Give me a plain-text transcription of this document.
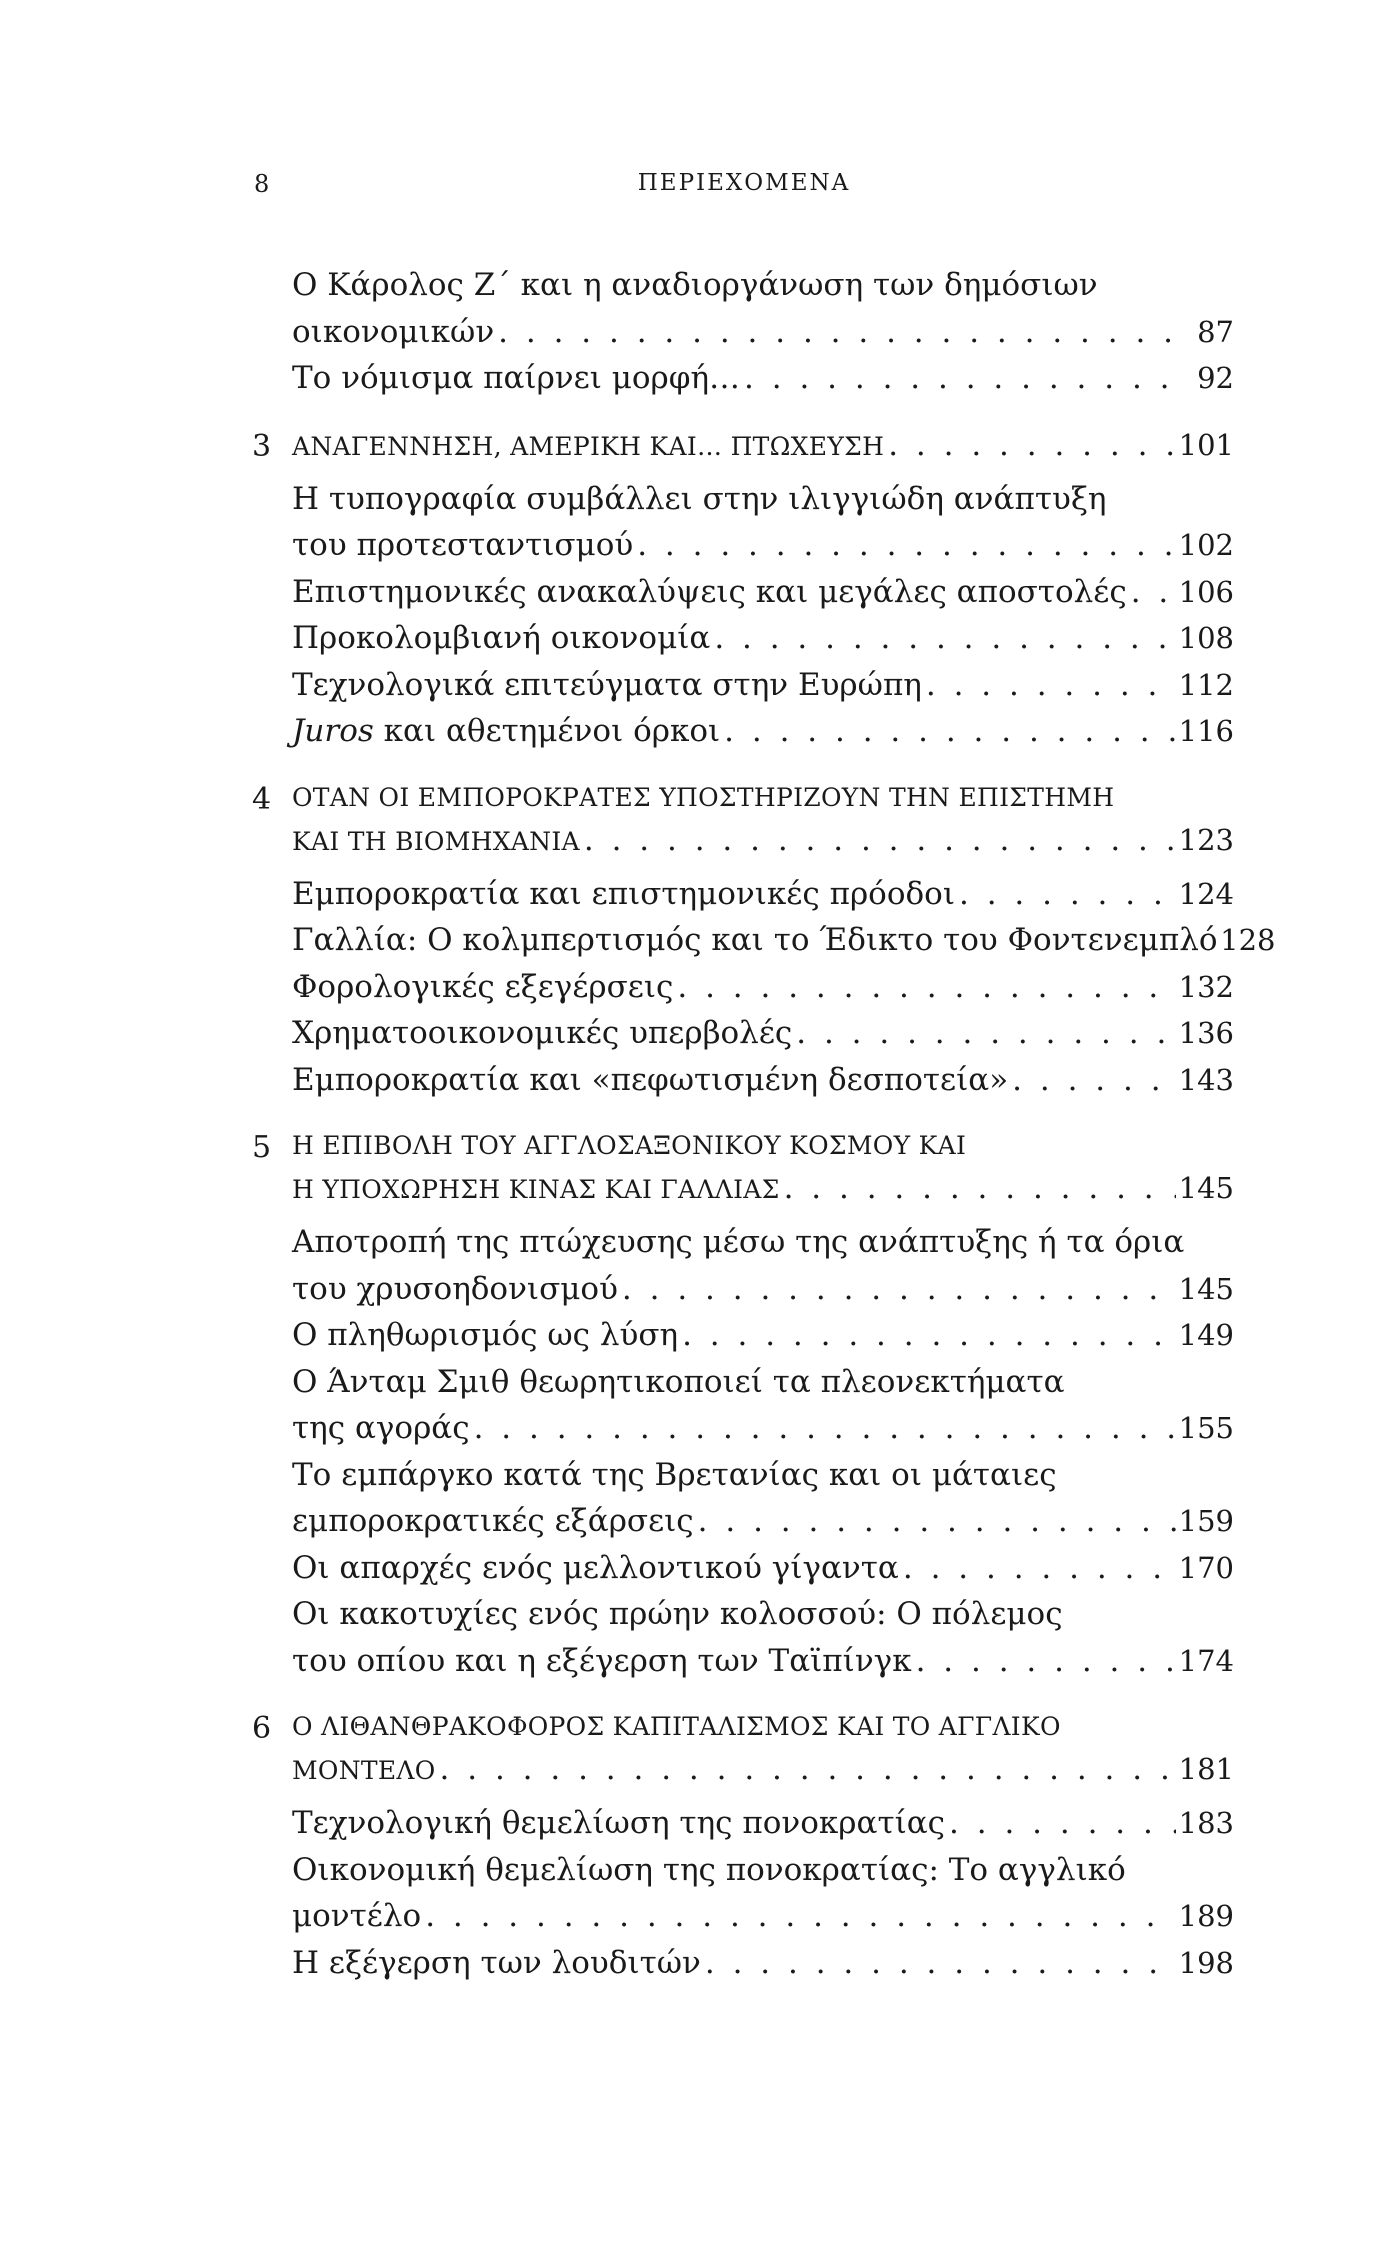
8	ΠΕΡΙΕΧΟΜΕΝΑ
Ο Κάρολος Ζ΄ και η αναδιοργάνωση των δημόσιων
οικονομικών . . .	87
Το νόμισμα παίρνει μορφή… . . .	92
3 ΑΝΑΓΕΝΝΗΣΗ, ΑΜΕΡΙΚΗ ΚΑΙ… ΠΤΩΧΕΥΣΗ . . .	101
Η τυπογραφία συμβάλλει στην ιλιγγιώδη ανάπτυξη
του προτεσταντισμού . . .	102
Επιστημονικές ανακαλύψεις και μεγάλες αποστολές . . . 106
Προκολομβιανή οικονομία . . .	108
Τεχνολογικά επιτεύγματα στην Ευρώπη . . .	112
Juros και αθετημένοι όρκοι . . .	116
4 ΟΤΑΝ ΟΙ ΕΜΠΟΡΟΚΡΑΤΕΣ ΥΠΟΣΤΗΡΙΖΟΥΝ ΤΗΝ ΕΠΙΣΤΗΜΗ
ΚΑΙ ΤΗ ΒΙΟΜΗΧΑΝΙΑ . . .	123
Εμποροκρατία και επιστημονικές πρόοδοι . . .	124
Γαλλία: Ο κολμπερτισμός και το Έδικτο του Φοντενεμπλό 128
Φορολογικές εξεγέρσεις . . .	132
Χρηματοοικονομικές υπερβολές . . .	136
Εμποροκρατία και «πεφωτισμένη δεσποτεία» . . .	143
5 Η ΕΠΙΒΟΛΗ ΤΟΥ ΑΓΓΛΟΣΑΞΟΝΙΚΟΥ ΚΟΣΜΟΥ ΚΑΙ
Η ΥΠΟΧΩΡΗΣΗ ΚΙΝΑΣ ΚΑΙ ΓΑΛΛΙΑΣ . . .	145
Αποτροπή της πτώχευσης μέσω της ανάπτυξης ή τα όρια
του χρυσοηδονισμού . . .	145
Ο πληθωρισμός ως λύση . . .	149
Ο Άνταμ Σμιθ θεωρητικοποιεί τα πλεονεκτήματα
της αγοράς . . .	155
Το εμπάργκο κατά της Βρετανίας και οι μάταιες
εμποροκρατικές εξάρσεις . . .	159
Οι απαρχές ενός μελλοντικού γίγαντα . . .	170
Οι κακοτυχίες ενός πρώην κολοσσού: Ο πόλεμος
του οπίου και η εξέγερση των Ταϊπίνγκ . . .	174
6 Ο ΛΙΘΑΝΘΡΑΚΟΦΟΡΟΣ ΚΑΠΙΤΑΛΙΣΜΟΣ ΚΑΙ ΤΟ ΑΓΓΛΙΚΟ
ΜΟΝΤΕΛΟ . . .	181
Τεχνολογική θεμελίωση της πονοκρατίας . . .	183
Οικονομική θεμελίωση της πονοκρατίας: Το αγγλικό
μοντέλο . . .	189
Η εξέγερση των λουδιτών . . .	198
